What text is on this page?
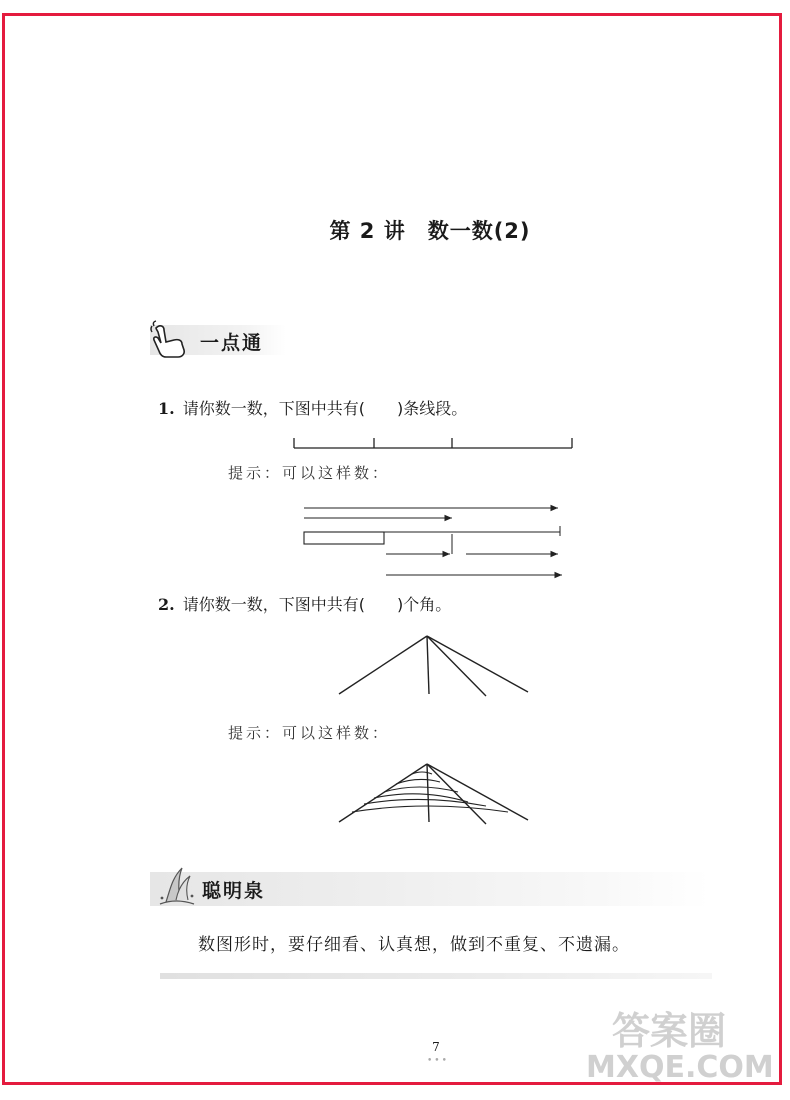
第 2 讲　数一数(2)
一点通
1. 请你数一数，下图中共有(　　)条线段。
提示：可以这样数：
2. 请你数一数，下图中共有(　　)个角。
提示：可以这样数：
聪明泉
数图形时，要仔细看、认真想，做到不重复、不遗漏。
7
•••
答案圈
MXQE.COM
